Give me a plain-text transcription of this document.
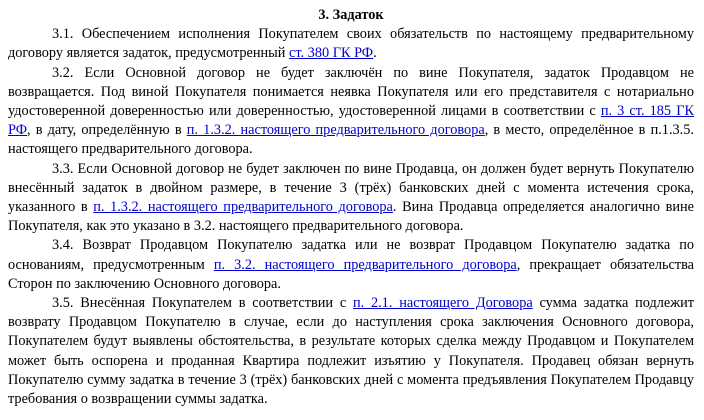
3. Задаток

3.1. Обеспечением исполнения Покупателем своих обязательств по настоящему предварительному договору является задаток, предусмотренный ст. 380 ГК РФ.

3.2. Если Основной договор не будет заключён по вине Покупателя, задаток Продавцом не возвращается. Под виной Покупателя понимается неявка Покупателя или его представителя с нотариально удостоверенной доверенностью или доверенностью, удостоверенной лицами в соответствии с п. 3 ст. 185 ГК РФ, в дату, определённую в п. 1.3.2. настоящего предварительного договора, в место, определённое в п.1.3.5. настоящего предварительного договора.

3.3. Если Основной договор не будет заключен по вине Продавца, он должен будет вернуть Покупателю внесённый задаток в двойном размере, в течение 3 (трёх) банковских дней с момента истечения срока, указанного в п. 1.3.2. настоящего предварительного договора. Вина Продавца определяется аналогично вине Покупателя, как это указано в 3.2. настоящего предварительного договора.

3.4. Возврат Продавцом Покупателю задатка или не возврат Продавцом Покупателю задатка по основаниям, предусмотренным п. 3.2. настоящего предварительного договора, прекращает обязательства Сторон по заключению Основного договора.

3.5. Внесённая Покупателем в соответствии с п. 2.1. настоящего Договора сумма задатка подлежит возврату Продавцом Покупателю в случае, если до наступления срока заключения Основного договора, Покупателем будут выявлены обстоятельства, в результате которых сделка между Продавцом и Покупателем может быть оспорена и проданная Квартира подлежит изъятию у Покупателя. Продавец обязан вернуть Покупателю сумму задатка в течение 3 (трёх) банковских дней с момента предъявления Покупателем Продавцу требования о возвращении суммы задатка.
